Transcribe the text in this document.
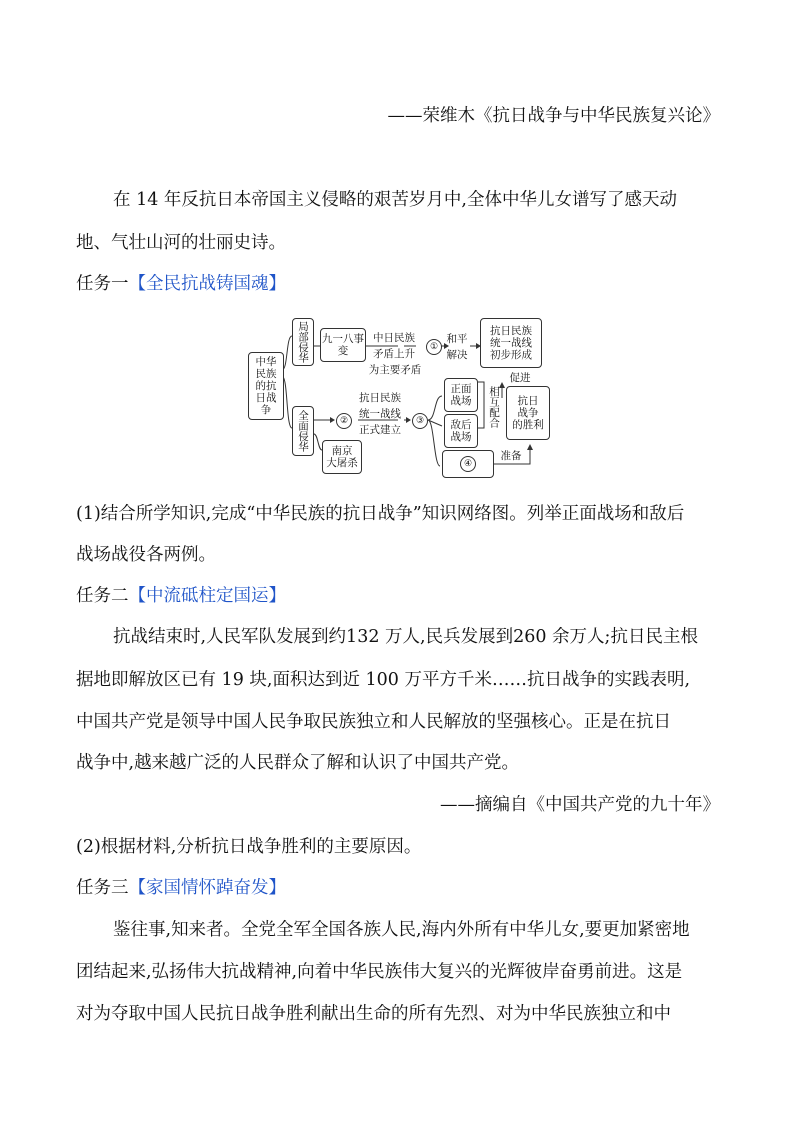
——荣维木《抗日战争与中华民族复兴论》
在 14 年反抗日本帝国主义侵略的艰苦岁月中,全体中华儿女谱写了感天动
地、气壮山河的壮丽史诗。
任务一【全民抗战铸国魂】
中华民族的抗日战争
局部侵华
全面侵华
九一八事变
中日民族
矛盾上升
为主要矛盾
①
和平
解决
抗日民族
统一战线
初步形成
②
抗日民族
统一战线
正式建立
③
南京
大屠杀
正面
战场
敌后
战场
相互配合
促进
抗日
战争
的胜利
④
准备
(1)结合所学知识,完成“中华民族的抗日战争”知识网络图。列举正面战场和敌后
战场战役各两例。
任务二【中流砥柱定国运】
抗战结束时,人民军队发展到约132 万人,民兵发展到260 余万人;抗日民主根
据地即解放区已有 19 块,面积达到近 100 万平方千米……抗日战争的实践表明,
中国共产党是领导中国人民争取民族独立和人民解放的坚强核心。正是在抗日
战争中,越来越广泛的人民群众了解和认识了中国共产党。
——摘编自《中国共产党的九十年》
(2)根据材料,分析抗日战争胜利的主要原因。
任务三【家国情怀踔奋发】
鉴往事,知来者。全党全军全国各族人民,海内外所有中华儿女,要更加紧密地
团结起来,弘扬伟大抗战精神,向着中华民族伟大复兴的光辉彼岸奋勇前进。这是
对为夺取中国人民抗日战争胜利献出生命的所有先烈、对为中华民族独立和中
